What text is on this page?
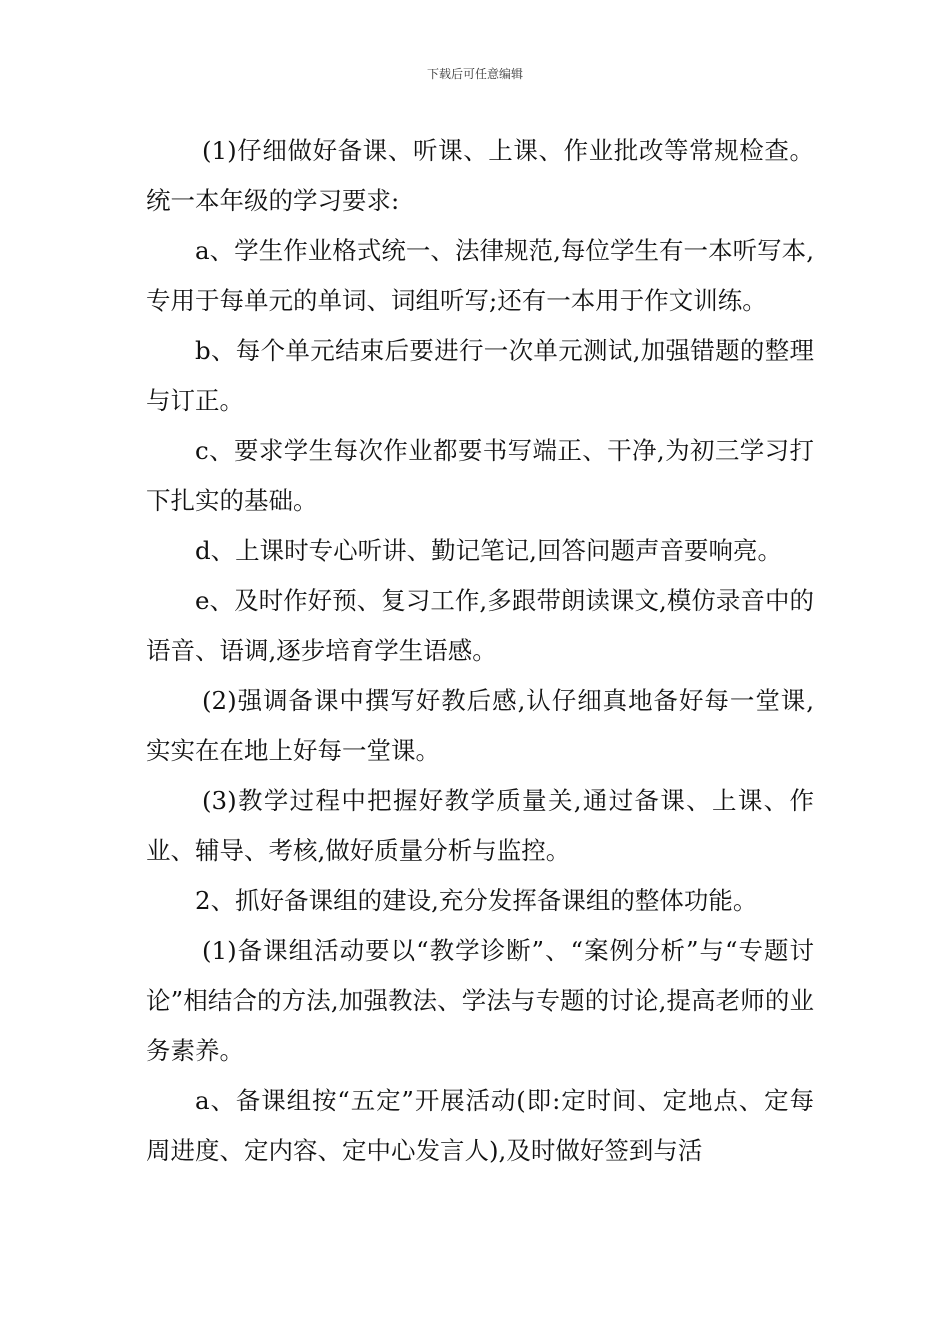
下载后可任意编辑

(1)仔细做好备课、听课、上课、作业批改等常规检查。统一本年级的学习要求:

a、学生作业格式统一、法律规范,每位学生有一本听写本,专用于每单元的单词、词组听写;还有一本用于作文训练。

b、每个单元结束后要进行一次单元测试,加强错题的整理与订正。

c、要求学生每次作业都要书写端正、干净,为初三学习打下扎实的基础。

d、上课时专心听讲、勤记笔记,回答问题声音要响亮。

e、及时作好预、复习工作,多跟带朗读课文,模仿录音中的语音、语调,逐步培育学生语感。

(2)强调备课中撰写好教后感,认仔细真地备好每一堂课,实实在在地上好每一堂课。

(3)教学过程中把握好教学质量关,通过备课、上课、作业、辅导、考核,做好质量分析与监控。

2、抓好备课组的建设,充分发挥备课组的整体功能。

(1)备课组活动要以“教学诊断”、“案例分析”与“专题讨论”相结合的方法,加强教法、学法与专题的讨论,提高老师的业务素养。

a、备课组按“五定”开展活动(即:定时间、定地点、定每周进度、定内容、定中心发言人),及时做好签到与活
